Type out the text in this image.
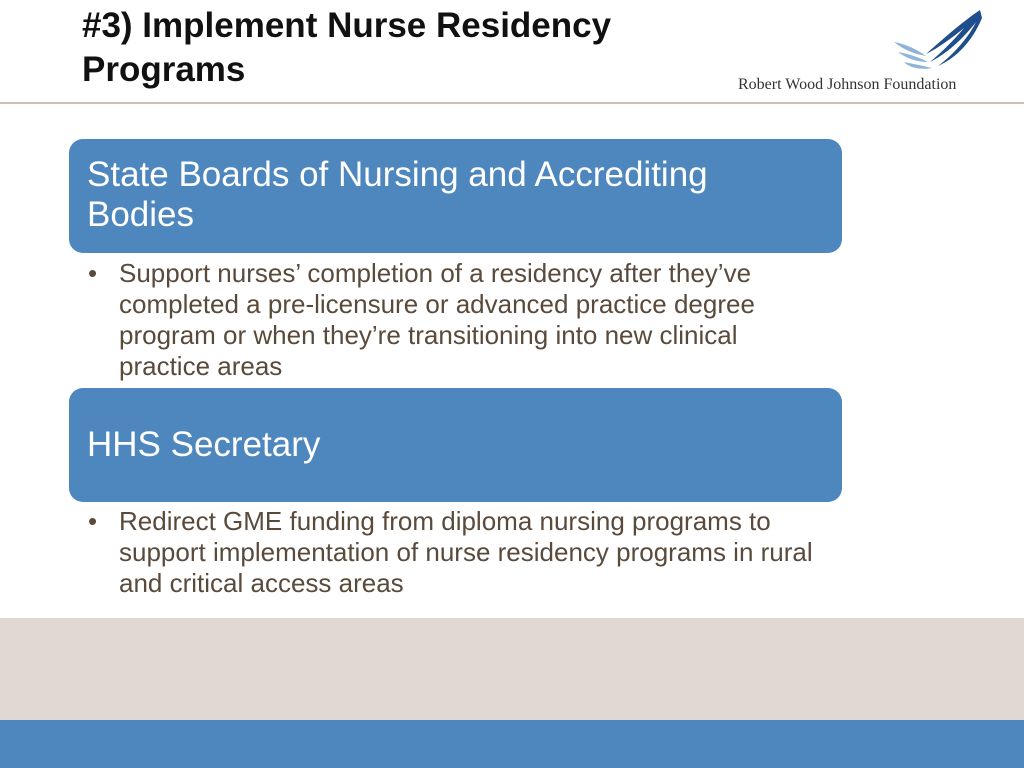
#3) Implement Nurse Residency Programs	Robert Wood Johnson Foundation
State Boards of Nursing and Accrediting Bodies
• Support nurses’ completion of a residency after they’ve completed a pre-licensure or advanced practice degree program or when they’re transitioning into new clinical practice areas
HHS Secretary
• Redirect GME funding from diploma nursing programs to support implementation of nurse residency programs in rural and critical access areas
